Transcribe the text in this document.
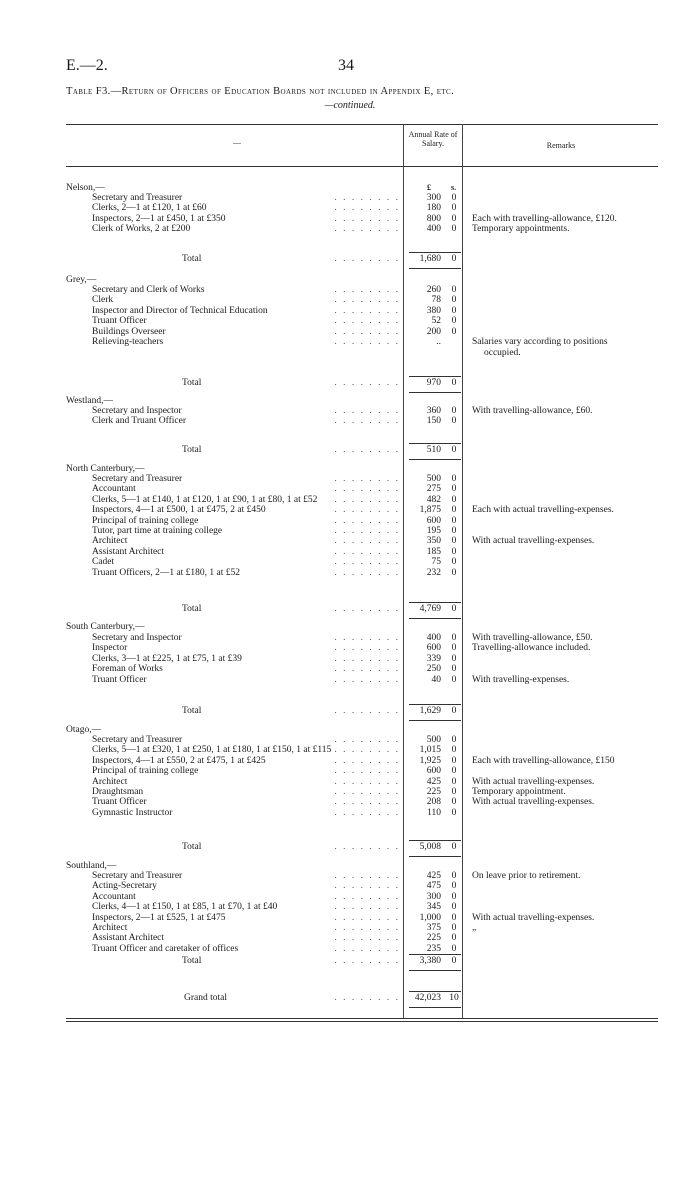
E.—2.	34
Table F3.—Return of Officers of Education Boards not included in Appendix E, etc.
—continued.
—
Annual Rate of Salary.	Remarks
£	s.
Nelson,—
Secretary and Treasurer	. . . . . . . .	300 0
Clerks, 2—1 at £120, 1 at £60	. . . . . . . .	180 0
Inspectors, 2—1 at £450, 1 at £350	. . . . . . . .	800 0 Each with travelling-allowance, £120.
Clerk of Works, 2 at £200	. . . . . . . .	400 0 Temporary appointments.
Total	. . . . . . . . 1,680 0
Grey,—
Secretary and Clerk of Works	. . . . . . . .	260 0
Clerk	. . . . . . . .	78 0
Inspector and Director of Technical Education	. . . . . . . .	380 0
Truant Officer	. . . . . . . .	52 0
Buildings Overseer	. . . . . . . .	200 0
Relieving-teachers	. . . . . . . .	..	Salaries vary according to positions
occupied.
Total	. . . . . . . .	970 0
Westland,—
Secretary and Inspector	. . . . . . . .	360 0 With travelling-allowance, £60.
Clerk and Truant Officer	. . . . . . . .	150 0
Total	. . . . . . . .	510 0
North Canterbury,—
Secretary and Treasurer	. . . . . . . .	500 0
Accountant	. . . . . . . .	275 0
Clerks, 5—1 at £140, 1 at £120, 1 at £90, 1 at £80, 1 at £52 . . . . . . . .	482 0
Inspectors, 4—1 at £500, 1 at £475, 2 at £450	. . . . . . . . 1,875 0 Each with actual travelling-expenses.
Principal of training college	. . . . . . . .	600 0
Tutor, part time at training college	. . . . . . . .	195 0
Architect	. . . . . . . .	350 0 With actual travelling-expenses.
Assistant Architect	. . . . . . . .	185 0
Cadet	. . . . . . . .	75 0
Truant Officers, 2—1 at £180, 1 at £52	. . . . . . . .	232 0
Total	. . . . . . . . 4,769 0
South Canterbury,—
Secretary and Inspector	. . . . . . . .	400 0 With travelling-allowance, £50.
Inspector	. . . . . . . .	600 0 Travelling-allowance included.
Clerks, 3—1 at £225, 1 at £75, 1 at £39	. . . . . . . .	339 0
Foreman of Works	. . . . . . . .	250 0
Truant Officer	. . . . . . . .	40 0 With travelling-expenses.
Total	. . . . . . . . 1,629 0
Otago,—
Secretary and Treasurer	. . . . . . . .	500 0
Clerks, 5—1 at £320, 1 at £250, 1 at £180, 1 at £150, 1 at £115 . . . . . . . . 1,015 0
Inspectors, 4—1 at £550, 2 at £475, 1 at £425	. . . . . . . . 1,925 0 Each with travelling-allowance, £150
Principal of training college	. . . . . . . .	600 0
Architect	. . . . . . . .	425 0 With actual travelling-expenses.
Draughtsman	. . . . . . . .	225 0 Temporary appointment.
Truant Officer	. . . . . . . .	208 0 With actual travelling-expenses.
Gymnastic Instructor	. . . . . . . .	110 0
Total	. . . . . . . . 5,008 0
Southland,—
Secretary and Treasurer	. . . . . . . .	425 0 On leave prior to retirement.
Acting-Secretary	. . . . . . . .	475 0
Accountant	. . . . . . . .	300 0
Clerks, 4—1 at £150, 1 at £85, 1 at £70, 1 at £40	. . . . . . . .	345 0
Inspectors, 2—1 at £525, 1 at £475	. . . . . . . . 1,000 0 With actual travelling-expenses.
Architect	. . . . . . . .	375 0 „
Assistant Architect	. . . . . . . .	225 0
Truant Officer and caretaker of offices	. . . . . . . .	235 0
Total	. . . . . . . . 3,380 0
Grand total	. . . . . . . . 42,023 10
